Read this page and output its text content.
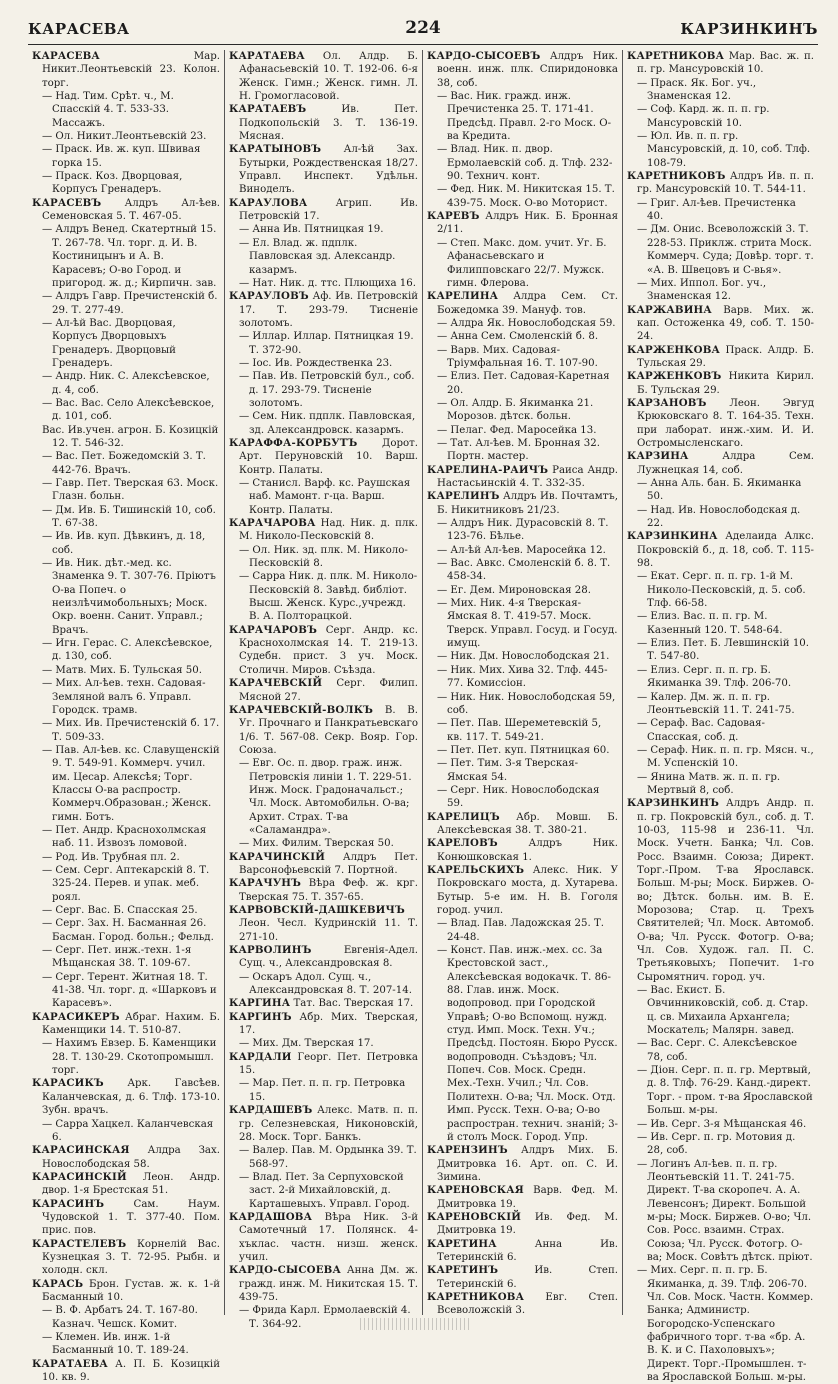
КАРАСЕВА	224	КАРЗИНКИНЪ
КАРАСЕВА	Мар. Никит.Леонтьевскій 23. Колон. торг.
— Над. Тим. Срѣт. ч., М. Спасскій 4. Т. 533-33. Массажъ.
— Ол. Никит.Леонтьевскій 23.
— Праск. Ив. ж. куп. Швивая горка 15.
— Праск. Коз. Дворцовая, Корпусъ Гренадеръ.
КАРАСЕВЪ Алдръ Ал-ѣев. Семеновская 5. Т. 467-05.
— Алдръ Венед. Скатертный 15. Т. 267-78. Чл. торг. д. И. В. Костиницынъ и А. В. Карасевъ; О-во Город. и пригород. ж. д.; Кирпичн. зав.
— Алдръ Гавр. Пречистенскій б. 29. Т. 277-49.
— Ал-ѣй Вас. Дворцовая, Корпусъ Дворцовыхъ Гренадеръ. Дворцовый Гренадеръ.
— Андр. Ник. С. Алексѣевское, д. 4, соб.
— Вас. Вас. Село Алексѣевское, д. 101, соб.
Вас. Ив.учен. агрон. Б. Козицкій 12. Т. 546-32.
— Вас. Пет. Божедомскій 3. Т. 442-76. Врачъ.
— Гавр. Пет. Тверская 63. Моск. Глазн. больн.
— Дм. Ив. Б. Тишинскій 10, соб. Т. 67-38.
— Ив. Ив. куп. Дѣвкинъ, д. 18, соб.
— Ив. Ник. дѣт.-мед. кс. Знаменка 9. Т. 307-76. Пріютъ О-ва Попеч. о неизлѣчимобольныхъ; Моск. Окр. военн. Санит. Управл.; Врачъ.
— Игн. Герас. С. Алексѣевское, д. 130, соб.
— Матв. Мих. Б. Тульская 50.
— Мих. Ал-ѣев. техн. Садовая-Земляной валъ 6. Управл. Городск. трамв.
— Мих. Ив. Пречистенскій б. 17. Т. 509-33.
— Пав. Ал-ѣев. кс. Славущенскій 9. Т. 549-91. Коммерч. учил. им. Цесар. Алексѣя; Торг. Классы О-ва распростр. Коммерч.Образован.; Женск. гимн. Ботъ.
— Пет. Андр. Краснохолмская наб. 11. Извозъ ломовой.
— Род. Ив. Трубная пл. 2.
— Сем. Серг. Аптекарскій 8. Т. 325-24. Перев. и упак. меб. роял.
— Серг. Вас. Б. Спасская 25.
— Серг. Зах. Н. Басманная 26. Басман. Город. больн.; Фельд.
— Серг. Пет. инж.-техн. 1-я Мѣщанская 38. Т. 109-67.
— Серг. Терент. Житная 18. Т. 41-38. Чл. торг. д. «Шарковъ и Карасевъ».
КАРАСИКЕРЪ Абраг. Нахим. Б. Каменщики 14. Т. 510-87.
— Нахимъ Евзер. Б. Каменщики 28. Т. 130-29. Скотопромышл. торг.
КАРАСИКЪ Арк. Гавсѣев. Каланчевская, д. 6. Тлф. 173-10. Зубн. врачъ.
— Сарра Хацкел. Каланчевская 6.
КАРАСИНСКАЯ Алдра Зах. Новослободская 58.
КАРАСИНСКІЙ Леон. Андр. двор. 1-я Брестская 51.
КАРАСИНЪ	Сам. Наум. Чудовской 1. Т. 377-40. Пом. прис. пов.
КАРАСТЕЛЕВЪ Корнелій Вас. Кузнецкая 3. Т. 72-95. Рыбн. и холодн. скл.
КАРАСЬ Брон. Густав. ж. к. 1-й Басманный 10.
— В. Ф. Арбатъ 24. Т. 167-80. Казнач. Чешск. Комит.
— Клемен. Ив. инж. 1-й Басманный 10. Т. 189-24.
КАРАТАЕВА А. П. Б. Козицкій 10. кв. 9.
КАРАТАЕВА Ол. Алдр. Б. Афанасьевскій 10. Т. 192-06. 6-я Женск. Гимн.; Женск. гимн. Л. Н. Громогласовой.
КАРАТАЕВЪ	Ив. Пет. Подкопольскій 3. Т. 136-19. Мясная.
КАРАТЫНОВЪ Ал-ѣй Зах. Бутырки, Рождественская 18/27. Управл. Инспект. Удѣльн. Виноделъ.
КАРАУЛОВА	Агрип. Ив. Петровскій 17.
— Анна Ив. Пятницкая 19.
— Ел. Влад. ж. пдплк. Павловская зд. Александр. казармъ.
— Нат. Ник. д. ттс. Плющиха 16.
КАРАУЛОВЪ Аф. Ив. Петровскій 17. Т. 293-79. Тисненіе золотомъ.
— Иллар. Иллар. Пятницкая 19. Т. 372-90.
— Іос. Ив. Рождественка 23.
— Пав. Ив. Петровскій бул., соб. д. 17. 293-79. Тисненіе золотомъ.
— Сем. Ник. пдплк. Павловская, зд. Александровск. казармъ.
КАРАФФА-КОРБУТЪ Дорот. Арт. Перуновскій 10. Варш. Контр. Палаты.
— Станисл. Варф. кс. Раушская наб. Мамонт. г-ца. Варш. Контр. Палаты.
КАРАЧАРОВА Над. Ник. д. плк. М. Николо-Песковскій 8.
— Ол. Ник. зд. плк. М. Николо-Песковскій 8.
— Сарра Ник. д. плк. М. Николо-Песковскій 8. Завѣд. библіот. Высш. Женск. Курс.,учрежд. В. А. Полторацкой.
КАРАЧАРОВЪ Серг. Андр. кс. Краснохолмская 14. Т. 219-13. Судебн. прист. 3 уч. Моск. Столичн. Миров. Съѣзда.
КАРАЧЕВСКІЙ Серг. Филип. Мясной 27.
КАРАЧЕВСКІЙ-ВОЛКЪ В. В. Уг. Прочнаго и Панкратьевскаго 1/6. Т. 567-08. Секр. Вояр. Гор. Союза.
— Евг. Ос. п. двор. граж. инж. Петровскія линіи 1. Т. 229-51. Инж. Моск. Градоначальст.; Чл. Моск. Автомобильн. О-ва; Архит. Страх. Т-ва «Саламандра».
— Мих. Филим. Тверская 50.
КАРАЧИНСКІЙ Алдръ Пет. Варсонофьевскій 7. Портной.
КАРАЧУНЪ Вѣра Феф. ж. крг. Тверская 75. Т. 357-65.
КАРВОВСКІЙ-ДАШКЕВИЧЪ Леон. Чесл. Кудринскій 11. Т. 271-10.
КАРВОЛИНЪ	Евгенія-Адел. Сущ. ч., Александровская 8.
— Оскаръ Адол. Сущ. ч., Александровская 8. Т. 207-14.
КАРГИНА Тат. Вас. Тверская 17.
КАРГИНЪ Абр. Мих. Тверская, 17.
— Мих. Дм. Тверская 17.
КАРДАЛИ Георг. Пет. Петровка 15.
— Мар. Пет. п. п. гр. Петровка 15.
КАРДАШЕВЪ Алекс. Матв. п. п. гр. Селезневская, Никоновскій, 28. Моск. Торг. Банкъ.
— Валер. Пав. М. Ордынка 39. Т. 568-97.
— Влад. Пет. За Серпуховской заст. 2-й Михайловскій, д. Карташевыхъ. Управл. Город.
КАРДАШОВА Вѣра Ник. 3-й Самотечный 17. Полянск. 4-хъклас. частн. низш. женск. учил.
КАРДО-СЫСОЕВА Анна Дм. ж. гражд. инж. М. Никитская 15. Т. 439-75.
— Фрида Карл. Ермолаевскій 4. Т. 364-92.
КАРДО-СЫСОЕВЪ Алдръ Ник. военн. инж. плк. Спиридоновка 38, соб.
— Вас. Ник. гражд. инж. Пречистенка 25. Т. 171-41. Предсѣд. Правл. 2-го Моск. О-ва Кредита.
— Влад. Ник. п. двор. Ермолаевскій соб. д. Тлф. 232-90. Технич. конт.
— Фед. Ник. М. Никитская 15. Т. 439-75. Моск. О-во Моторист.
КАРЕВЪ Алдръ Ник. Б. Бронная 2/11.
— Степ. Макс. дом. учит. Уг. Б. Афанасьевскаго и Филипповскаго 22/7. Мужск. гимн. Флерова.
КАРЕЛИНА Алдра Сем. Ст. Божедомка 39. Мануф. тов.
— Алдра Як. Новослободская 59.
— Анна Сем. Смоленскій б. 8.
— Варв. Мих. Садовая-Тріумфальная 16. Т. 107-90.
— Елиз. Пет. Садовая-Каретная 20.
— Ол. Алдр. Б. Якиманка 21. Морозов. дѣтск. больн.
— Пелаг. Фед. Маросейка 13.
— Тат. Ал-ѣев. М. Бронная 32. Портн. мастер.
КАРЕЛИНА-РАИЧЪ Раиса Андр. Настасьинскій 4. Т. 332-35.
КАРЕЛИНЪ Алдръ Ив. Почтамтъ, Б. Никитниковъ 21/23.
— Алдръ Ник. Дурасовскій 8. Т. 123-76. Бѣлье.
— Ал-ѣй Ал-ѣев. Маросейка 12.
— Вас. Авкс. Смоленскій б. 8. Т. 458-34.
— Ег. Дем. Мироновская 28.
— Мих. Ник. 4-я Тверская-Ямская 8. Т. 419-57. Моск. Тверск. Управл. Госуд. и Госуд. имущ.
— Ник. Дм. Новослободская 21.
— Ник. Мих. Хива 32. Тлф. 445-77. Комиссіон.
— Ник. Ник. Новослободская 59, соб.
— Пет. Пав. Шереметевскій 5, кв. 117. Т. 549-21.
— Пет. Пет. куп. Пятницкая 60.
— Пет. Тим. 3-я Тверская-Ямская 54.
— Серг. Ник. Новослободская 59.
КАРЕЛИЦЪ Абр. Мовш. Б. Алексѣевская 38. Т. 380-21.
КАРЕЛОВЪ	Алдръ Ник. Конюшковская 1.
КАРЕЛЬСКИХЪ Алекс. Ник. У Покровскаго моста, д. Хутарева. Бутыр. 5-е им. Н. В. Гоголя город. учил.
— Влад. Пав. Ладожская 25. Т. 24-48.
— Конст. Пав. инж.-мех. сс. За Крестовской заст., Алексѣевская водокачк. Т. 86-88. Глав. инж. Моск. водопровод. при Городской Управѣ; О-во Вспомощ. нужд. студ. Имп. Моск. Техн. Уч.; Предсѣд. Постоян. Бюро Русск. водопроводн. Съѣздовъ; Чл. Попеч. Сов. Моск. Средн. Мех.-Техн. Учил.; Чл. Сов. Политехн. О-ва; Чл. Моск. Отд. Имп. Русск. Техн. О-ва; О-во распростран. технич. знаній; 3-й столъ Моск. Город. Упр.
КАРЕНЗИНЪ Алдръ Мих. Б. Дмитровка 16. Арт. оп. С. И. Зимина.
КАРЕНОВСКАЯ Варв. Фед. М. Дмитровка 19.
КАРЕНОВСКІЙ Ив. Фед. М. Дмитровка 19.
КАРЕТИНА	Анна Ив. Тетеринскій 6.
КАРЕТИНЪ	Ив. Степ. Тетеринскій 6.
КАРЕТНИКОВА Евг. Степ. Всеволожскій 3.
КАРЕТНИКОВА Мар. Вас. ж. п. п. гр. Мансуровскій 10.
— Праск. Як. Бог. уч., Знаменская 12.
— Соф. Кард. ж. п. п. гр. Мансуровскій 10.
— Юл. Ив. п. п. гр. Мансуровскій, д. 10, соб. Тлф. 108-79.
КАРЕТНИКОВЪ Алдръ Ив. п. п. гр. Мансуровскій 10. Т. 544-11.
— Григ. Ал-ѣев. Пречистенка 40.
— Дм. Онис. Всеволожскій 3. Т. 228-53. Приклж. стрита Моск. Коммерч. Суда; Довѣр. торг. т. «А. В. Швецовъ и С-вья».
— Мих. Иппол. Бог. уч., Знаменская 12.
КАРЖАВИНА Варв. Мих. ж. кап. Остоженка 49, соб. Т. 150-24.
КАРЖЕНКОВА Праск. Алдр. Б. Тульская 29.
КАРЖЕНКОВЪ Никита Кирил. Б. Тульская 29.
КАРЗАНОВЪ Леон. Эвгуд Крюковскаго 8. Т. 164-35. Техн. при лаборат. инж.-хим. И. И. Остромысленскаго.
КАРЗИНА	Алдра Сем. Лужнецкая 14, соб.
— Анна Аль. бан. Б. Якиманка 50.
— Над. Ив. Новослободская д. 22.
КАРЗИНКИНА Аделаида Алкс. Покровскій б., д. 18, соб. Т. 115-98.
— Екат. Серг. п. п. гр. 1-й М. Николо-Песковскій, д. 5. соб. Тлф. 66-58.
— Елиз. Вас. п. п. гр. М. Казенный 120. Т. 548-64.
— Елиз. Пет. Б. Левшинскій 10. Т. 547-80.
— Елиз. Серг. п. п. гр. Б. Якиманка 39. Тлф. 206-70.
— Калер. Дм. ж. п. п. гр. Леонтьевскій 11. Т. 241-75.
— Сераф. Вас. Садовая-Спасская, соб. д.
— Сераф. Ник. п. п. гр. Мясн. ч., М. Успенскій 10.
— Янина Матв. ж. п. п. гр. Мертвый 8, соб.
КАРЗИНКИНЪ Алдръ Андр. п. п. гр. Покровскій бул., соб. д. Т. 10-03, 115-98 и 236-11. Чл. Моск. Учетн. Банка; Чл. Сов. Росс. Взаимн. Союза; Директ. Торг.-Пром. Т-ва Ярославск. Больш. М-ры; Моск. Биржев. О-во; Дѣтск. больн. им. В. Е. Морозова; Стар. ц. Трехъ Святителей; Чл. Моск. Автомоб. О-ва; Чл. Русск. Фотогр. О-ва; Чл. Сов. Худож. гал. П. С. Третьяковыхъ; Попечит. 1-го Сыромятнич. город. уч.
— Вас. Екист. Б. Овчинниковскій, соб. д. Стар. ц. св. Михаила Архангела; Москатель; Малярн. завед.
— Вас. Серг. С. Алексѣевское 78, соб.
— Діон. Серг. п. п. гр. Мертвый, д. 8. Тлф. 76-29. Канд.-директ. Торг. - пром. т-ва Ярославской Больш. м-ры.
— Ив. Серг. 3-я Мѣщанская 46.
— Ив. Серг. п. гр. Мотовия д. 28, соб.
— Логинъ Ал-ѣев. п. п. гр. Леонтьевскій 11. Т. 241-75. Директ. Т-ва скоропеч. А. А. Левенсонъ; Директ. Большой м-ры; Моск. Биржев. О-во; Чл. Сов. Росс. взаимн. Страх. Союза; Чл. Русск. Фотогр. О-ва; Моск. Совѣтъ дѣтск. пріют.
— Мих. Серг. п. п. гр. Б. Якиманка, д. 39. Тлф. 206-70. Чл. Сов. Моск. Частн. Коммер. Банка; Администр. Богородско-Успенскаго фабричного торг. т-ва «бр. А. В. К. и С. Пахоловыхъ»; Директ. Торг.-Промышлен. т-ва Ярославской Больш. м-ры.
